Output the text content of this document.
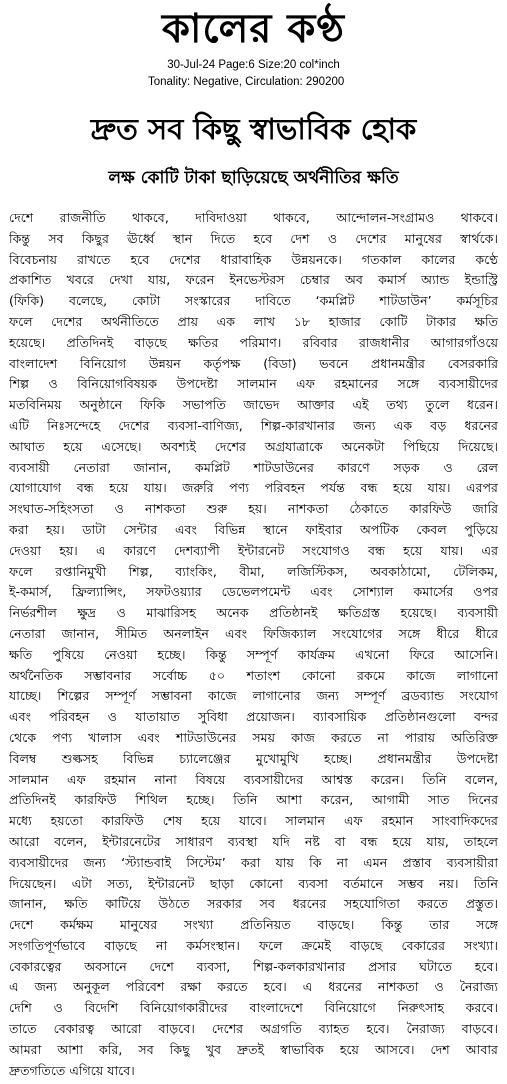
কালের কণ্ঠ
30-Jul-24 Page:6 Size:20 col*inch
Tonality: Negative, Circulation: 290200
দ্রুত সব কিছু স্বাভাবিক হোক
লক্ষ কোটি টাকা ছাড়িয়েছে অর্থনীতির ক্ষতি
দেশে রাজনীতি থাকবে, দাবিদাওয়া থাকবে, আন্দোলন-সংগ্রামও থাকবে।
কিন্তু সব কিছুর ঊর্ধ্বে স্থান দিতে হবে দেশ ও দেশের মানুষের স্বার্থকে।
বিবেচনায় রাখতে হবে দেশের ধারাবাহিক উন্নয়নকে। গতকাল কালের কণ্ঠে
প্রকাশিত খবরে দেখা যায়, ফরেন ইনভেস্টরস চেম্বার অব কমার্স অ্যান্ড ইন্ডাস্ট্রি
(ফিকি) বলেছে, কোটা সংস্কারের দাবিতে ‘কমপ্লিট শাটডাউন’ কর্মসূচির
ফলে দেশের অর্থনীতিতে প্রায় এক লাখ ১৮ হাজার কোটি টাকার ক্ষতি
হয়েছে। প্রতিদিনই বাড়ছে ক্ষতির পরিমাণ। রবিবার রাজধানীর আগারগাঁওয়ে
বাংলাদেশ বিনিয়োগ উন্নয়ন কর্তৃপক্ষ (বিডা) ভবনে প্রধানমন্ত্রীর বেসরকারি
শিল্প ও বিনিয়োগবিষয়ক উপদেষ্টা সালমান এফ রহমানের সঙ্গে ব্যবসায়ীদের
মতবিনিময় অনুষ্ঠানে ফিকি সভাপতি জাভেদ আক্তার এই তথ্য তুলে ধরেন।
এটি নিঃসন্দেহে দেশের ব্যবসা-বাণিজ্য, শিল্প-কারখানার জন্য এক বড় ধরনের
আঘাত হয়ে এসেছে। অবশ্যই দেশের অগ্রযাত্রাকে অনেকটা পিছিয়ে দিয়েছে।
ব্যবসায়ী নেতারা জানান, কমপ্লিট শাটডাউনের কারণে সড়ক ও রেল
যোগাযোগ বন্ধ হয়ে যায়। জরুরি পণ্য পরিবহন পর্যন্ত বন্ধ হয়ে যায়। এরপর
সংঘাত-সহিংসতা ও নাশকতা শুরু হয়। নাশকতা ঠেকাতে কারফিউ জারি
করা হয়। ডাটা সেন্টার এবং বিভিন্ন স্থানে ফাইবার অপটিক কেবল পুড়িয়ে
দেওয়া হয়। এ কারণে দেশব্যাপী ইন্টারনেট সংযোগও বন্ধ হয়ে যায়। এর
ফলে রপ্তানিমুখী শিল্প, ব্যাংকিং, বীমা, লজিস্টিকস, অবকাঠামো, টেলিকম,
ই-কমার্স, ফ্রিল্যান্সিং, সফটওয়্যার ডেভেলপমেন্ট এবং সোশ্যাল কমার্সের ওপর
নির্ভরশীল ক্ষুদ্র ও মাঝারিসহ অনেক প্রতিষ্ঠানই ক্ষতিগ্রস্ত হয়েছে। ব্যবসায়ী
নেতারা জানান, সীমিত অনলাইন এবং ফিজিক্যাল সংযোগের সঙ্গে ধীরে ধীরে
ক্ষতি পুষিয়ে নেওয়া হচ্ছে। কিন্তু সম্পূর্ণ কার্যক্রম এখনো ফিরে আসেনি।
অর্থনৈতিক সম্ভাবনার সর্বোচ্চ ৫০ শতাংশ কোনো রকমে কাজে লাগানো
যাচ্ছে। শিল্পের সম্পূর্ণ সম্ভাবনা কাজে লাগানোর জন্য সম্পূর্ণ ব্রডব্যান্ড সংযোগ
এবং পরিবহন ও যাতায়াত সুবিধা প্রয়োজন। ব্যাবসায়িক প্রতিষ্ঠানগুলো বন্দর
থেকে পণ্য খালাস এবং শাটডাউনের সময় কাজ করতে না পারায় অতিরিক্ত
বিলম্ব শুল্কসহ বিভিন্ন চ্যালেঞ্জের মুখোমুখি হচ্ছে। প্রধানমন্ত্রীর উপদেষ্টা
সালমান এফ রহমান নানা বিষয়ে ব্যবসায়ীদের আশ্বস্ত করেন। তিনি বলেন,
প্রতিদিনই কারফিউ শিথিল হচ্ছে। তিনি আশা করেন, আগামী সাত দিনের
মধ্যে হয়তো কারফিউ শেষ হয়ে যাবে। সালমান এফ রহমান সাংবাদিকদের
আরো বলেন, ইন্টারনেটের সাধারণ ব্যবস্থা যদি নষ্ট বা বন্ধ হয়ে যায়, তাহলে
ব্যবসায়ীদের জন্য ‘স্ট্যান্ডবাই সিস্টেম’ করা যায় কি না এমন প্রস্তাব ব্যবসায়ীরা
দিয়েছেন। এটা সত্য, ইন্টারনেট ছাড়া কোনো ব্যবসা বর্তমানে সম্ভব নয়। তিনি
জানান, ক্ষতি কাটিয়ে উঠতে সরকার সব ধরনের সহযোগিতা করতে প্রস্তুত।
দেশে কর্মক্ষম মানুষের সংখ্যা প্রতিনিয়ত বাড়ছে। কিন্তু তার সঙ্গে
সংগতিপূর্ণভাবে বাড়ছে না কর্মসংস্থান। ফলে ক্রমেই বাড়ছে বেকারের সংখ্যা।
বেকারত্বের অবসানে দেশে ব্যবসা, শিল্প-কলকারখানার প্রসার ঘটাতে হবে।
এ জন্য অনুকূল পরিবেশ রক্ষা করতে হবে। এ ধরনের নাশকতা ও নৈরাজ্য
দেশি ও বিদেশি বিনিয়োগকারীদের বাংলাদেশে বিনিয়োগে নিরুৎসাহ করবে।
তাতে বেকারত্ব আরো বাড়বে। দেশের অগ্রগতি ব্যাহত হবে। নৈরাজ্য বাড়বে।
আমরা আশা করি, সব কিছু খুব দ্রুতই স্বাভাবিক হয়ে আসবে। দেশ আবার
দ্রুতগতিতে এগিয়ে যাবে।
